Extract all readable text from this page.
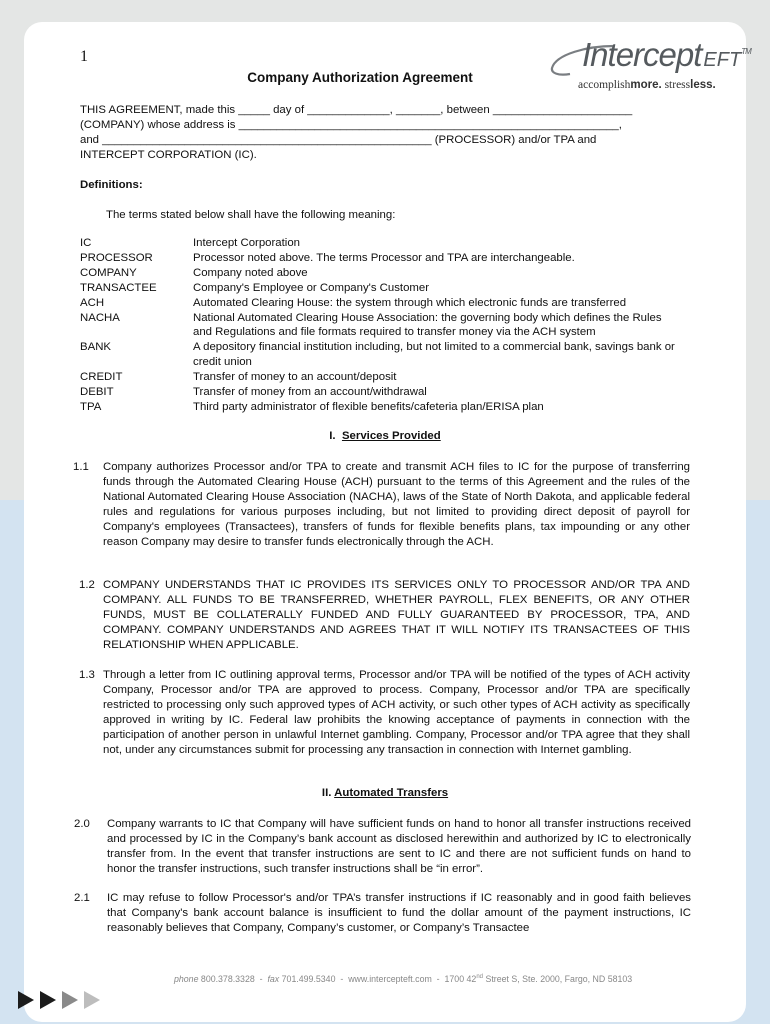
1	Intercept EFT™
accomplishmore. stressless.
Company Authorization Agreement
THIS AGREEMENT, made this _____ day of _____________, _______, between ______________________
(COMPANY) whose address is ____________________________________________________________,
and ____________________________________________________ (PROCESSOR) and/or TPA and
INTERCEPT CORPORATION (IC).
Definitions:
The terms stated below shall have the following meaning:
IC	Intercept Corporation
PROCESSOR	Processor noted above. The terms Processor and TPA are interchangeable.
COMPANY	Company noted above
TRANSACTEE	Company's Employee or Company's Customer
ACH	Automated Clearing House: the system through which electronic funds are transferred
NACHA	National Automated Clearing House Association: the governing body which defines the Rules and Regulations and file formats required to transfer money via the ACH system
BANK	A depository financial institution including, but not limited to a commercial bank, savings bank or credit union
CREDIT	Transfer of money to an account/deposit
DEBIT	Transfer of money from an account/withdrawal
TPA	Third party administrator of flexible benefits/cafeteria plan/ERISA plan
I. Services Provided
1.1 Company authorizes Processor and/or TPA to create and transmit ACH files to IC for the purpose of transferring funds through the Automated Clearing House (ACH) pursuant to the terms of this Agreement and the rules of the National Automated Clearing House Association (NACHA), laws of the State of North Dakota, and applicable federal rules and regulations for various purposes including, but not limited to providing direct deposit of payroll for Company's employees (Transactees), transfers of funds for flexible benefits plans, tax impounding or any other reason Company may desire to transfer funds electronically through the ACH.
1.2 COMPANY UNDERSTANDS THAT IC PROVIDES ITS SERVICES ONLY TO PROCESSOR AND/OR TPA AND COMPANY. ALL FUNDS TO BE TRANSFERRED, WHETHER PAYROLL, FLEX BENEFITS, OR ANY OTHER FUNDS, MUST BE COLLATERALLY FUNDED AND FULLY GUARANTEED BY PROCESSOR, TPA, AND COMPANY. COMPANY UNDERSTANDS AND AGREES THAT IT WILL NOTIFY ITS TRANSACTEES OF THIS RELATIONSHIP WHEN APPLICABLE.
1.3 Through a letter from IC outlining approval terms, Processor and/or TPA will be notified of the types of ACH activity Company, Processor and/or TPA are approved to process. Company, Processor and/or TPA are specifically restricted to processing only such approved types of ACH activity, or such other types of ACH activity as specifically approved in writing by IC. Federal law prohibits the knowing acceptance of payments in connection with the participation of another person in unlawful Internet gambling. Company, Processor and/or TPA agree that they shall not, under any circumstances submit for processing any transaction in connection with Internet gambling.
II. Automated Transfers
2.0 Company warrants to IC that Company will have sufficient funds on hand to honor all transfer instructions received and processed by IC in the Company’s bank account as disclosed herewithin and authorized by IC to electronically transfer from. In the event that transfer instructions are sent to IC and there are not sufficient funds on hand to honor the transfer instructions, such transfer instructions shall be “in error”.
2.1 IC may refuse to follow Processor's and/or TPA’s transfer instructions if IC reasonably and in good faith believes that Company's bank account balance is insufficient to fund the dollar amount of the payment instructions, IC reasonably believes that Company, Company’s customer, or Company’s Transactee
phone 800.378.3328  -  fax 701.499.5340  -  www.intercepteft.com  -  1700 42nd Street S, Ste. 2000, Fargo, ND 58103
